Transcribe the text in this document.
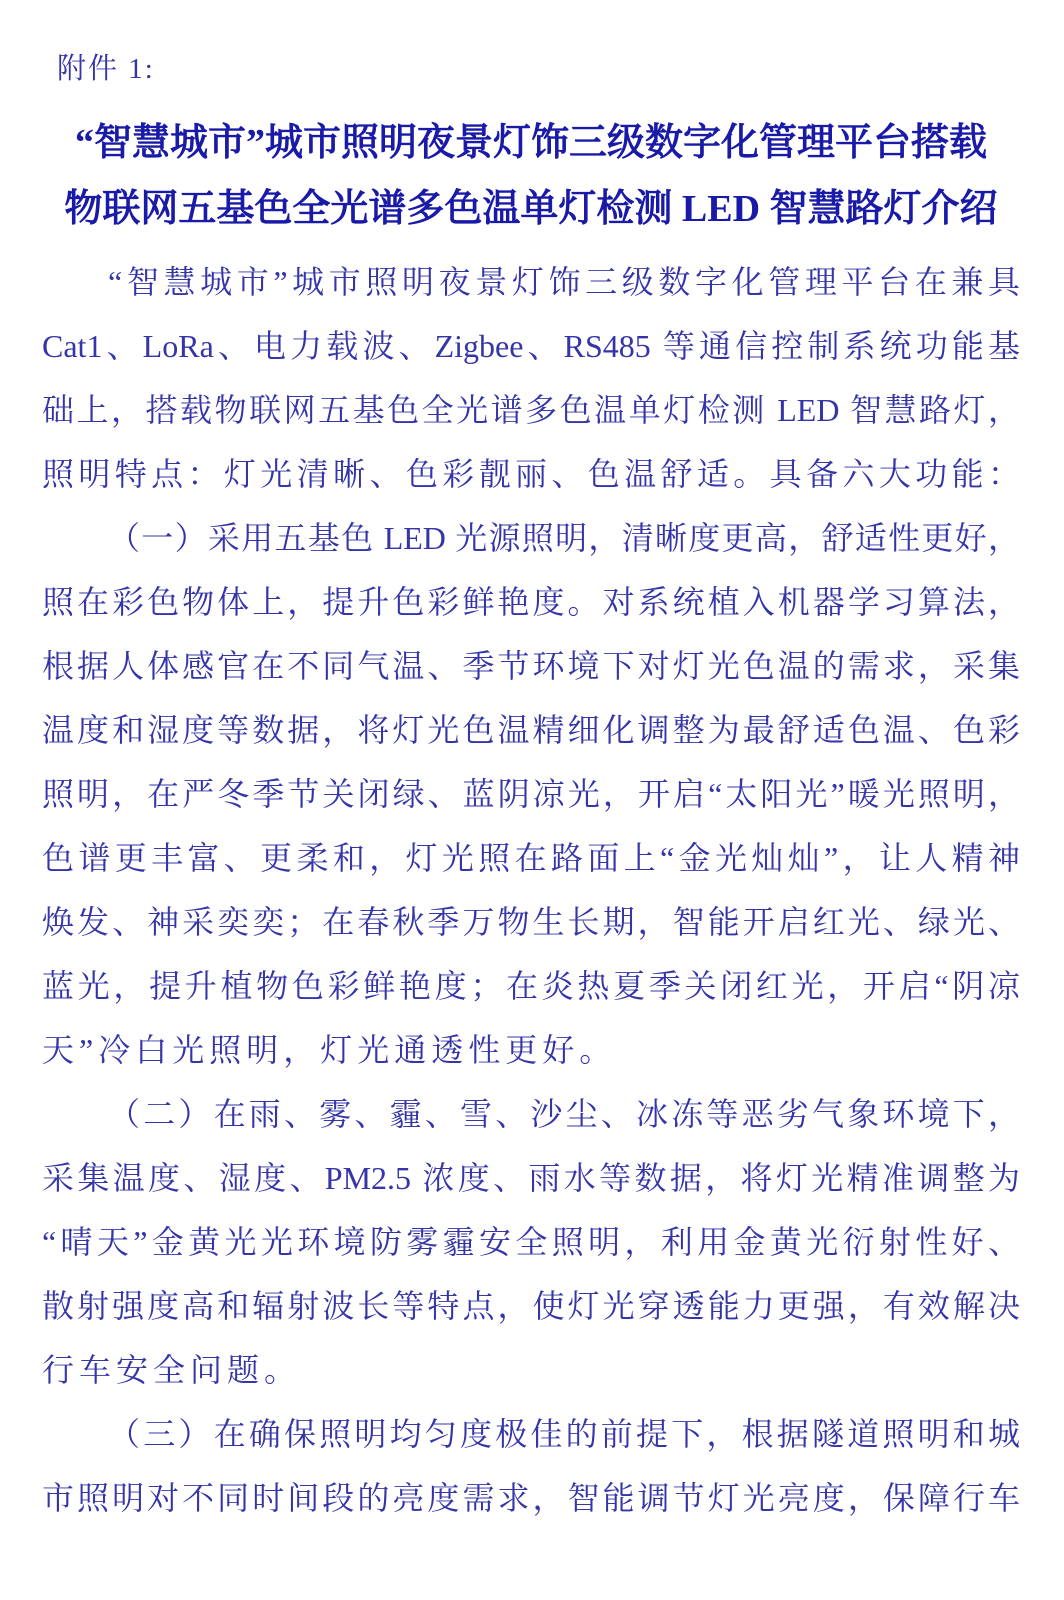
附件 1:
“智慧城市”城市照明夜景灯饰三级数字化管理平台搭载
物联网五基色全光谱多色温单灯检测 LED 智慧路灯介绍
“智慧城市”城市照明夜景灯饰三级数字化管理平台在兼具
Cat1、LoRa、电力载波、Zigbee、RS485 等通信控制系统功能基
础上，搭载物联网五基色全光谱多色温单灯检测 LED 智慧路灯，
照明特点：灯光清晰、色彩靓丽、色温舒适。具备六大功能：
（一）采用五基色 LED 光源照明，清晰度更高，舒适性更好，
照在彩色物体上，提升色彩鲜艳度。对系统植入机器学习算法，
根据人体感官在不同气温、季节环境下对灯光色温的需求，采集
温度和湿度等数据，将灯光色温精细化调整为最舒适色温、色彩
照明，在严冬季节关闭绿、蓝阴凉光，开启“太阳光”暖光照明，
色谱更丰富、更柔和，灯光照在路面上“金光灿灿”，让人精神
焕发、神采奕奕；在春秋季万物生长期，智能开启红光、绿光、
蓝光，提升植物色彩鲜艳度；在炎热夏季关闭红光，开启“阴凉
天”冷白光照明，灯光通透性更好。
（二）在雨、雾、霾、雪、沙尘、冰冻等恶劣气象环境下，
采集温度、湿度、PM2.5 浓度、雨水等数据，将灯光精准调整为
“晴天”金黄光光环境防雾霾安全照明，利用金黄光衍射性好、
散射强度高和辐射波长等特点，使灯光穿透能力更强，有效解决
行车安全问题。
（三）在确保照明均匀度极佳的前提下，根据隧道照明和城
市照明对不同时间段的亮度需求，智能调节灯光亮度，保障行车
